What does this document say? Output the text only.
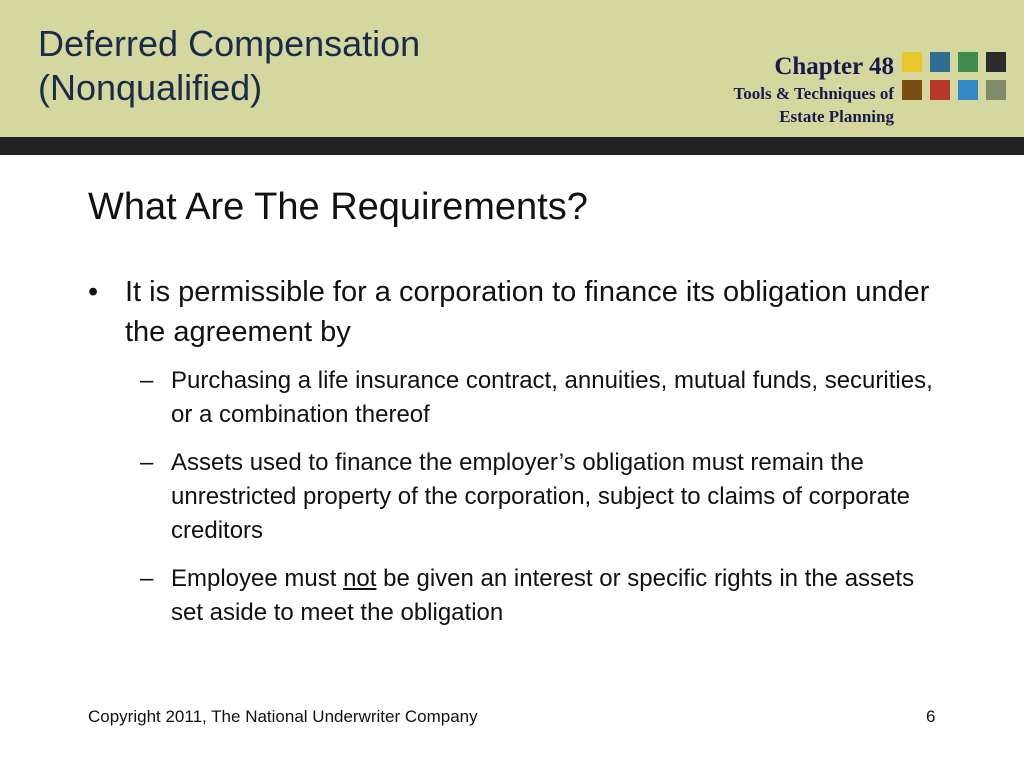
Deferred Compensation
(Nonqualified)
Chapter 48
Tools & Techniques of
Estate Planning
What Are The Requirements?
• It is permissible for a corporation to finance its obligation under the agreement by
– Purchasing a life insurance contract, annuities, mutual funds, securities, or a combination thereof
– Assets used to finance the employer’s obligation must remain the unrestricted property of the corporation, subject to claims of corporate creditors
– Employee must not be given an interest or specific rights in the assets set aside to meet the obligation
Copyright 2011, The National Underwriter Company	6
